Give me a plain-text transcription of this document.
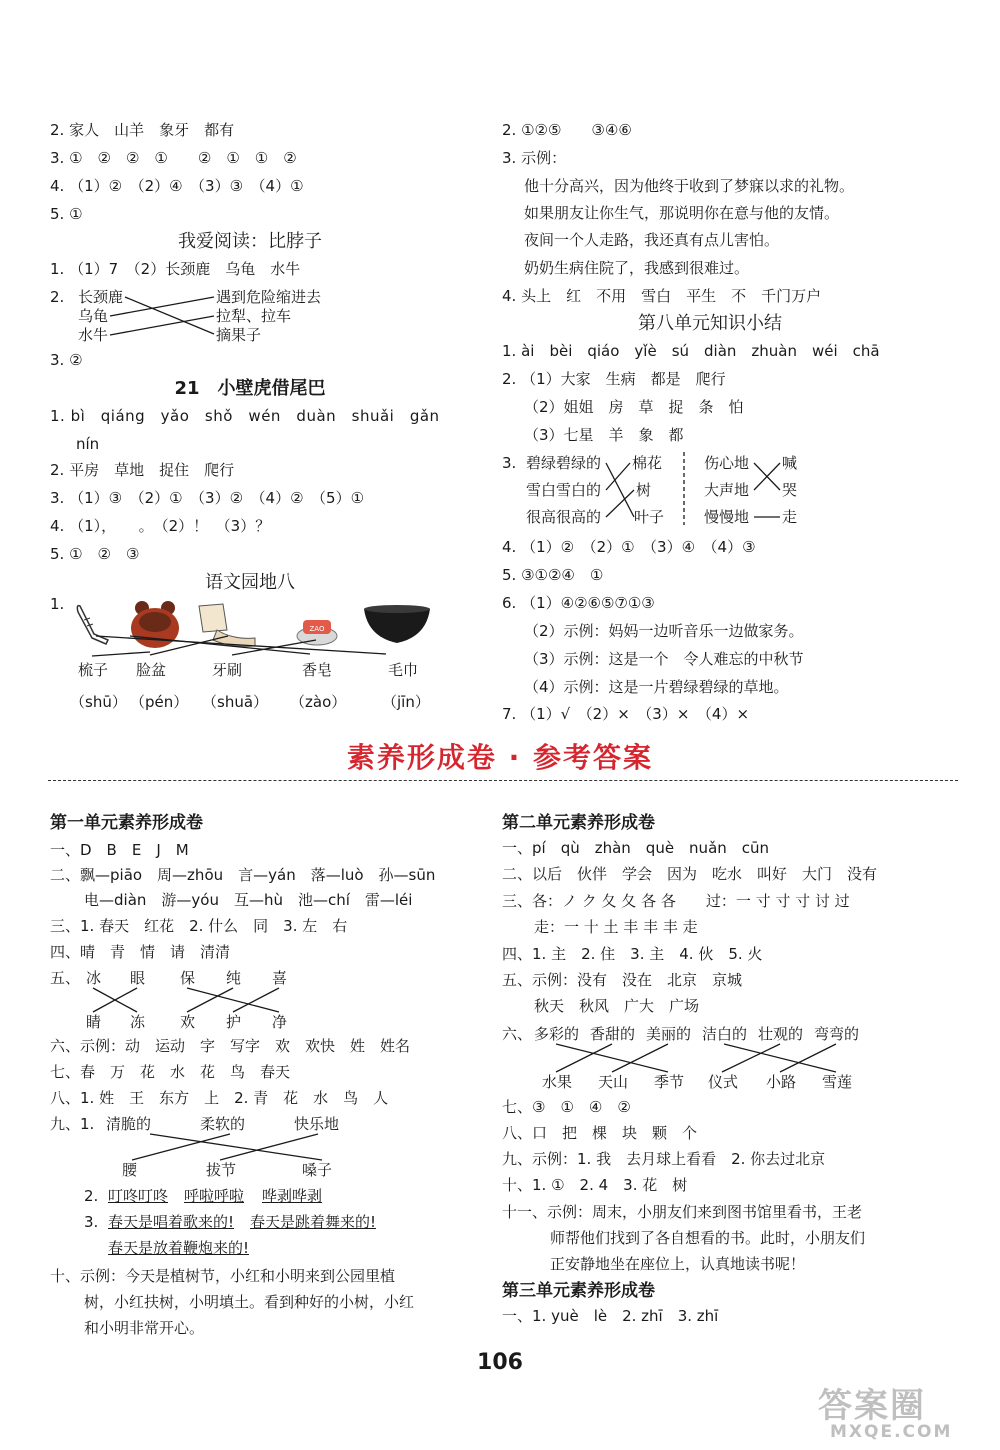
2. 家人　山羊　象牙　都有
3. ①　②　②　①　　②　①　①　②
4. （1）②　（2）④　（3）③　（4）①
5. ①
我爱阅读：比脖子
1. （1）7　（2）长颈鹿　乌龟　水牛
2. 长颈鹿
乌龟
水牛
遇到危险缩进去
拉犁、拉车
摘果子
3. ②
21　小壁虎借尾巴
1. bì　qiáng　yǎo　shǒ　wén　duàn　shuǎi　gǎn
nín
2. 平房　草地　捉住　爬行
3. （1）③　（2）①　（3）②　（4）②　（5）①
4. （1），　　。　（2）！　（3）？
5. ①　②　③
语文园地八
1.
ZAO
梳子 脸盆	牙刷	香皂	毛巾
（shū） （pén） （shuā） （zào） （jīn）
2. ①②⑤　　③④⑥
3. 示例：
他十分高兴，因为他终于收到了梦寐以求的礼物。
如果朋友让你生气，那说明你在意与他的友情。
夜间一个人走路，我还真有点儿害怕。
奶奶生病住院了，我感到很难过。
4. 头上　红　不用　雪白　平生　不　千门万户
第八单元知识小结
1. ài　bèi　qiáo　yǐè　sú　diàn　zhuàn　wéi　chā
2. （1）大家　生病　都是　爬行
（2）姐姐　房　草　捉　条　怕
（3）七星　羊　象　都
3. 碧绿碧绿的
雪白雪白的
很高很高的
棉花
树
叶子
伤心地
大声地
慢慢地
喊
哭
走
4. （1）②　（2）①　（3）④　（4）③
5. ③①②④　①
6. （1）④②⑥⑤⑦①③
（2）示例：妈妈一边听音乐一边做家务。
（3）示例：这是一个　令人难忘的中秋节
（4）示例：这是一片碧绿碧绿的草地。
7. （1）√　（2）×　（3）×　（4）×
素养形成卷 · 参考答案
第一单元素养形成卷
一、D　B　E　J　M
二、飘—piāo　周—zhōu　言—yán　落—luò　孙—sūn
电—diàn　游—yóu　互—hù　池—chí　雷—léi
三、1. 春天　红花　2. 什么　同　3. 左　右
四、晴　青　情　请　清清
五、 冰 眼 保 纯 喜
睛 冻 欢 护 净
六、示例：动　运动　字　写字　欢　欢快　姓　姓名
七、春　万　花　水　花　鸟　春天
八、1. 姓　王　东方　上　2. 青　花　水　鸟　人
九、1. 清脆的	柔软的	快乐地
腰	拔节	嗓子
2. 叮咚叮咚 呼啦呼啦 哗剥哗剥
3. 春天是唱着歌来的! 春天是跳着舞来的!
春天是放着鞭炮来的!
十、示例：今天是植树节，小红和小明来到公园里植
树，小红扶树，小明填土。看到种好的小树，小红
和小明非常开心。
第二单元素养形成卷
一、pí　qù　zhàn　què　nuǎn　cūn
二、以后　伙伴　学会　因为　吃水　叫好　大门　没有
三、各：ノ ク 夂 夂 各 各　　过：一 寸 寸 寸 讨 过
走：一 十 土 丰 丰 丰 走
四、1. 主　2. 住　3. 主　4. 伙　5. 火
五、示例：没有　没在　北京　京城
秋天　秋风　广大　广场
六、 多彩的 香甜的 美丽的 洁白的 壮观的 弯弯的
水果 天山 季节 仪式 小路 雪莲
七、③　①　④　②
八、口　把　棵　块　颗　个
九、示例：1. 我　去月球上看看　2. 你去过北京
十、1. ①　2. 4　3. 花　树
十一、示例：周末，小朋友们来到图书馆里看书，王老
师帮他们找到了各自想看的书。此时，小朋友们
正安静地坐在座位上，认真地读书呢！
第三单元素养形成卷
一、1. yuè　lè　2. zhī　3. zhī
106
答案圈
MXQE.COM
